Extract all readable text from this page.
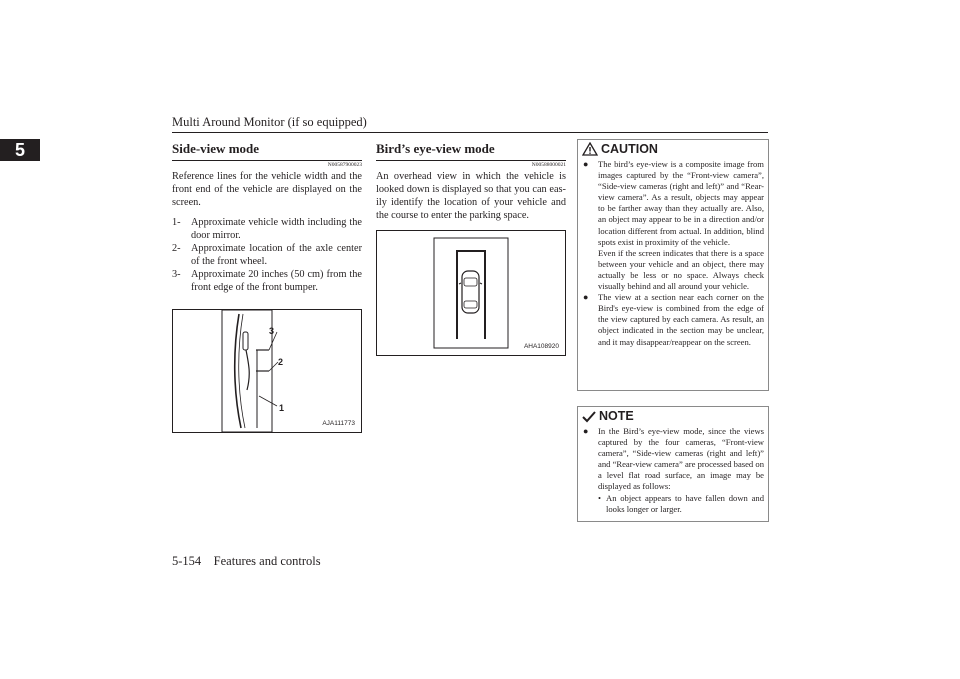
Multi Around Monitor (if so equipped)
5	Side-view mode
N00587900023
Reference lines for the vehicle width and the front end of the vehicle are displayed on the screen.
1- Approximate vehicle width including the door mirror.
2- Approximate location of the axle center of the front wheel.
3- Approximate 20 inches (50 cm) from the front edge of the front bumper.
3
2
1
AJA111773
Bird’s eye-view mode
N00588000021
An overhead view in which the vehicle is looked down is displayed so that you can eas-ily identify the location of your vehicle and the course to enter the parking space.
AHA108920
CAUTION
● The bird’s eye-view is a composite image from images captured by the “Front-view camera”, “Side-view cameras (right and left)” and “Rear-view camera”. As a result, objects may appear to be farther away than they actually are. Also, an object may appear to be in a direction and/or location different from actual. In addition, blind spots exist in proximity of the vehicle.
Even if the screen indicates that there is a space between your vehicle and an object, there may actually be less or no space. Always check visually behind and all around your vehicle.
● The view at a section near each corner on the Bird's eye-view is combined from the edge of the view captured by each camera. As result, an object indicated in the section may be unclear, and it may disappear/reappear on the screen.
NOTE
● In the Bird’s eye-view mode, since the views captured by the four cameras, “Front-view camera”, “Side-view cameras (right and left)” and “Rear-view camera” are processed based on a level flat road surface, an image may be displayed as follows:
• An object appears to have fallen down and looks longer or larger.
5-154 Features and controls
